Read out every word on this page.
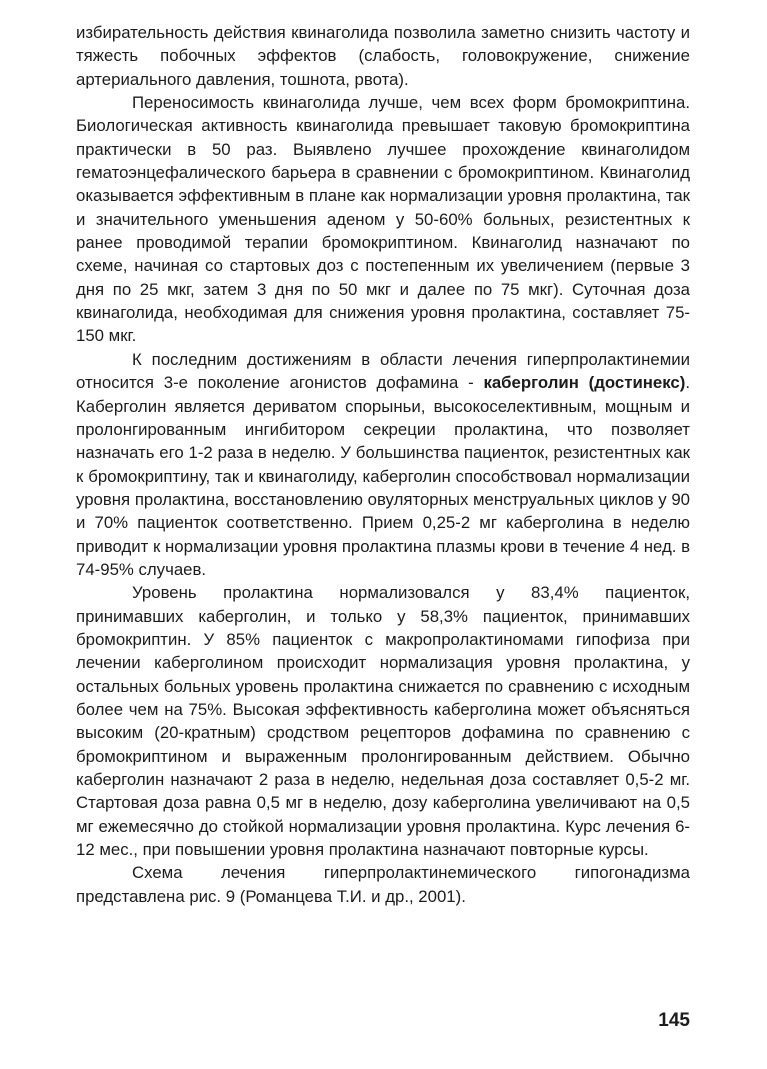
избирательность действия квинаголида позволила заметно снизить частоту и тяжесть побочных эффектов (слабость, головокружение, снижение артериального давления, тошнота, рвота).

Переносимость квинаголида лучше, чем всех форм бромокриптина. Биологическая активность квинаголида превышает таковую бромокриптина практически в 50 раз. Выявлено лучшее прохождение квинаголидом гематоэнцефалического барьера в сравнении с бромокриптином. Квинаголид оказывается эффективным в плане как нормализации уровня пролактина, так и значительного уменьшения аденом у 50-60% больных, резистентных к ранее проводимой терапии бромокриптином. Квинаголид назначают по схеме, начиная со стартовых доз с постепенным их увеличением (первые 3 дня по 25 мкг, затем 3 дня по 50 мкг и далее по 75 мкг). Суточная доза квинаголида, необходимая для снижения уровня пролактина, составляет 75-150 мкг.

К последним достижениям в области лечения гиперпролактинемии относится 3-е поколение агонистов дофамина - каберголин (достинекс). Каберголин является дериватом спорыньи, высокоселективным, мощным и пролонгированным ингибитором секреции пролактина, что позволяет назначать его 1-2 раза в неделю. У большинства пациенток, резистентных как к бромокриптину, так и квинаголиду, каберголин способствовал нормализации уровня пролактина, восстановлению овуляторных менструальных циклов у 90 и 70% пациенток соответственно. Прием 0,25-2 мг каберголина в неделю приводит к нормализации уровня пролактина плазмы крови в течение 4 нед. в 74-95% случаев.

Уровень пролактина нормализовался у 83,4% пациенток, принимавших каберголин, и только у 58,3% пациенток, принимавших бромокриптин. У 85% пациенток с макропролактиномами гипофиза при лечении каберголином происходит нормализация уровня пролактина, у остальных больных уровень пролактина снижается по сравнению с исходным более чем на 75%. Высокая эффективность каберголина может объясняться высоким (20-кратным) сродством рецепторов дофамина по сравнению с бромокриптином и выраженным пролонгированным действием. Обычно каберголин назначают 2 раза в неделю, недельная доза составляет 0,5-2 мг. Стартовая доза равна 0,5 мг в неделю, дозу каберголина увеличивают на 0,5 мг ежемесячно до стойкой нормализации уровня пролактина. Курс лечения 6-12 мес., при повышении уровня пролактина назначают повторные курсы.

Схема лечения гиперпролактинемического гипогонадизма представлена рис. 9 (Романцева Т.И. и др., 2001).

145
